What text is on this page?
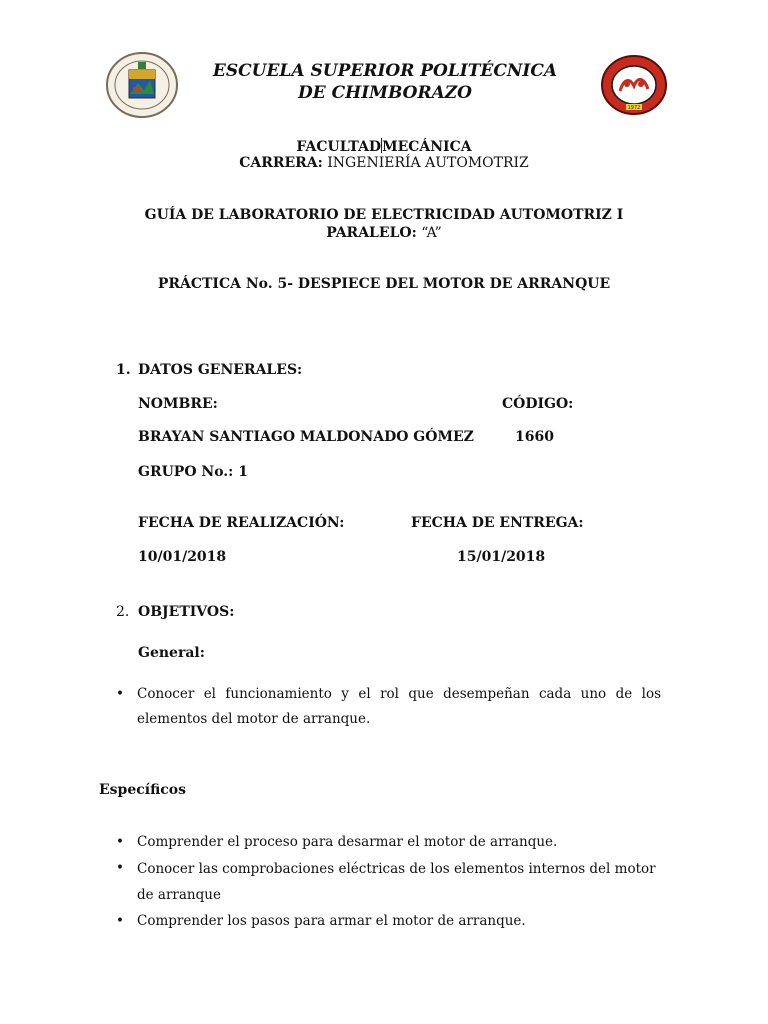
1972
ESCUELA SUPERIOR POLITÉCNICA DE CHIMBORAZO
FACULTADMECÁNICA
CARRERA: INGENIERÍA AUTOMOTRIZ
GUÍA DE LABORATORIO DE ELECTRICIDAD AUTOMOTRIZ I
PARALELO: “A”
PRÁCTICA No. 5- DESPIECE DEL MOTOR DE ARRANQUE
1. DATOS GENERALES:
NOMBRE:	CÓDIGO:
BRAYAN SANTIAGO MALDONADO GÓMEZ	1660
GRUPO No.: 1
FECHA DE REALIZACIÓN:	FECHA DE ENTREGA:
10/01/2018	15/01/2018
2. OBJETIVOS:
General:
• Conocer el funcionamiento y el rol que desempeñan cada uno de los elementos del motor de arranque.
Específicos
• Comprender el proceso para desarmar el motor de arranque.
• Conocer las comprobaciones eléctricas de los elementos internos del motor de arranque
• Comprender los pasos para armar el motor de arranque.
